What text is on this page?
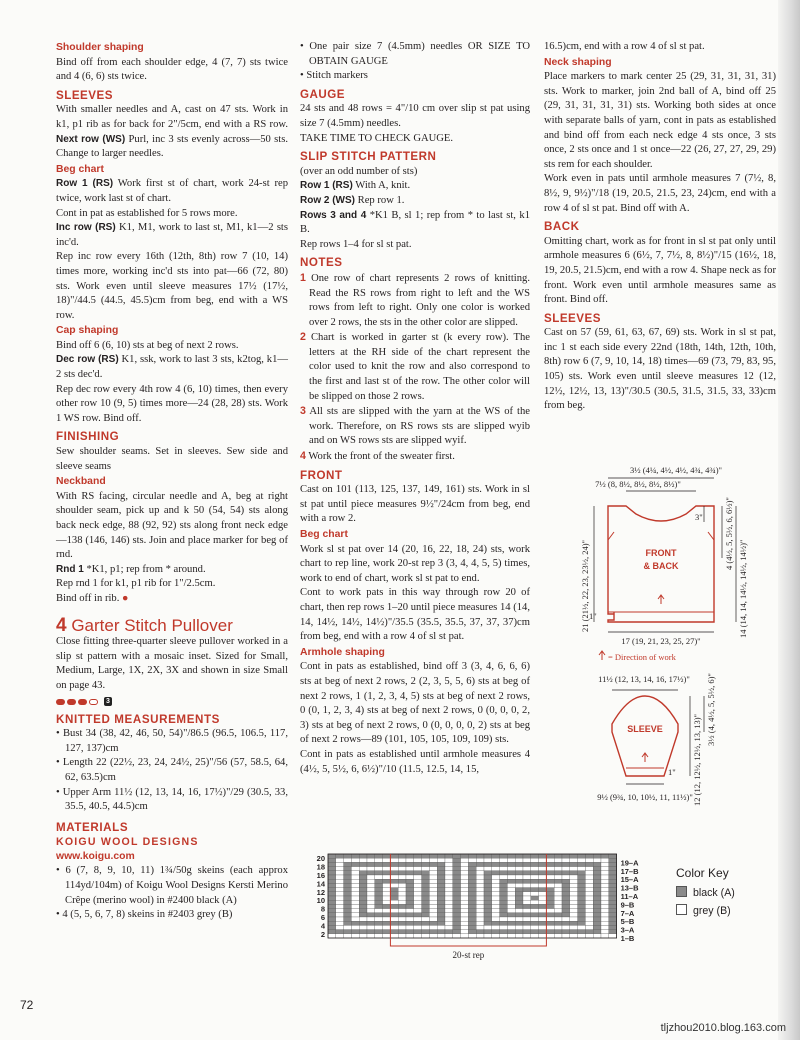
Shoulder shaping

Bind off from each shoulder edge, 4 (7, 7) sts twice and 4 (6, 6) sts twice.

SLEEVES

With smaller needles and A, cast on 47 sts. Work in k1, p1 rib as for back for 2"/5cm, end with a RS row. Next row (WS) Purl, inc 3 sts evenly across—50 sts. Change to larger needles.

Beg chart

Row 1 (RS) Work first st of chart, work 24-st rep twice, work last st of chart.

Cont in pat as established for 5 rows more.

Inc row (RS) K1, M1, work to last st, M1, k1—2 sts inc'd.

Rep inc row every 16th (12th, 8th) row 7 (10, 14) times more, working inc'd sts into pat—66 (72, 80) sts. Work even until sleeve measures 17½ (17½, 18)"/44.5 (44.5, 45.5)cm from beg, end with a WS row.

Cap shaping

Bind off 6 (6, 10) sts at beg of next 2 rows.

Dec row (RS) K1, ssk, work to last 3 sts, k2tog, k1—2 sts dec'd.

Rep dec row every 4th row 4 (6, 10) times, then every other row 10 (9, 5) times more—24 (28, 28) sts. Work 1 WS row. Bind off.

FINISHING

Sew shoulder seams. Set in sleeves. Sew side and sleeve seams

Neckband

With RS facing, circular needle and A, beg at right shoulder seam, pick up and k 50 (54, 54) sts along back neck edge, 88 (92, 92) sts along front neck edge—138 (146, 146) sts. Join and place marker for beg of rnd.

Rnd 1 *K1, p1; rep from * around.

Rep rnd 1 for k1, p1 rib for 1"/2.5cm.

Bind off in rib. ●

4 Garter Stitch Pullover

Close fitting three-quarter sleeve pullover worked in a slip st pattern with a mosaic inset. Sized for Small, Medium, Large, 1X, 2X, 3X and shown in size Small on page 43.

3
KNITTED MEASUREMENTS

• Bust 34 (38, 42, 46, 50, 54)"/86.5 (96.5, 106.5, 117, 127, 137)cm

• Length 22 (22½, 23, 24, 24½, 25)"/56 (57, 58.5, 64, 62, 63.5)cm

• Upper Arm 11½ (12, 13, 14, 16, 17½)"/29 (30.5, 33, 35.5, 40.5, 44.5)cm

MATERIALS
KOIGU WOOL DESIGNS
www.koigu.com

• 6 (7, 8, 9, 10, 11) 1¾/50g skeins (each approx 114yd/104m) of Koigu Wool Designs Kersti Merino Crêpe (merino wool) in #2400 black (A)

• 4 (5, 5, 6, 7, 8) skeins in #2403 grey (B)

• One pair size 7 (4.5mm) needles OR SIZE TO OBTAIN GAUGE

• Stitch markers

GAUGE

24 sts and 48 rows = 4"/10 cm over slip st pat using size 7 (4.5mm) needles.

TAKE TIME TO CHECK GAUGE.

SLIP STITCH PATTERN

(over an odd number of sts)

Row 1 (RS) With A, knit.

Row 2 (WS) Rep row 1.

Rows 3 and 4 *K1 B, sl 1; rep from * to last st, k1 B.

Rep rows 1–4 for sl st pat.

NOTES

1 One row of chart represents 2 rows of knitting. Read the RS rows from right to left and the WS rows from left to right. Only one color is worked over 2 rows, the sts in the other color are slipped.

2 Chart is worked in garter st (k every row). The letters at the RH side of the chart represent the color used to knit the row and also correspond to the first and last st of the row. The other color will be slipped on those 2 rows.

3 All sts are slipped with the yarn at the WS of the work. Therefore, on RS rows sts are slipped wyib and on WS rows sts are slipped wyif.

4 Work the front of the sweater first.

FRONT

Cast on 101 (113, 125, 137, 149, 161) sts. Work in sl st pat until piece measures 9½"/24cm from beg, end with a row 2.

Beg chart

Work sl st pat over 14 (20, 16, 22, 18, 24) sts, work chart to rep line, work 20-st rep 3 (3, 4, 4, 5, 5) times, work to end of chart, work sl st pat to end.

Cont to work pats in this way through row 20 of chart, then rep rows 1–20 until piece measures 14 (14, 14, 14½, 14½, 14½)"/35.5 (35.5, 35.5, 37, 37, 37)cm from beg, end with a row 4 of sl st pat.

Armhole shaping

Cont in pats as established, bind off 3 (3, 4, 6, 6, 6) sts at beg of next 2 rows, 2 (2, 3, 5, 5, 6) sts at beg of next 2 rows, 1 (1, 2, 3, 4, 5) sts at beg of next 2 rows, 0 (0, 1, 2, 3, 4) sts at beg of next 2 rows, 0 (0, 0, 0, 2, 3) sts at beg of next 2 rows, 0 (0, 0, 0, 0, 2) sts at beg of next 2 rows—89 (101, 105, 105, 109, 109) sts.

Cont in pats as established until armhole measures 4 (4½, 5, 5½, 6, 6½)"/10 (11.5, 12.5, 14, 15,

16.5)cm, end with a row 4 of sl st pat.

Neck shaping

Place markers to mark center 25 (29, 31, 31, 31, 31) sts. Work to marker, join 2nd ball of A, bind off 25 (29, 31, 31, 31, 31) sts. Working both sides at once with separate balls of yarn, cont in pats as established and bind off from each neck edge 4 sts once, 3 sts once, 2 sts once and 1 st once—22 (26, 27, 27, 29, 29) sts rem for each shoulder.

Work even in pats until armhole measures 7 (7½, 8, 8½, 9, 9½)"/18 (19, 20.5, 21.5, 23, 24)cm, end with a row 4 of sl st pat. Bind off with A.

BACK

Omitting chart, work as for front in sl st pat only until armhole measures 6 (6½, 7, 7½, 8, 8½)"/15 (16½, 18, 19, 20.5, 21.5)cm, end with a row 4. Shape neck as for front. Work even until armhole measures same as front. Bind off.

SLEEVES

Cast on 57 (59, 61, 63, 67, 69) sts. Work in sl st pat, inc 1 st each side every 22nd (18th, 14th, 12th, 10th, 8th) row 6 (7, 9, 10, 14, 18) times—69 (73, 79, 83, 95, 105) sts. Work even until sleeve measures 12 (12, 12½, 12½, 13, 13)"/30.5 (30.5, 31.5, 31.5, 33, 33)cm from beg.

3½ (4¼, 4½, 4½, 4¾, 4¾)"
7½ (8, 8½, 8½, 8½, 8½)"
3"
21 (21½, 22, 23, 23½, 24)"
4 (4½, 5, 5½, 6, 6½)"
14 (14, 14, 14½, 14½, 14½)"
1"
FRONT
& BACK
17 (19, 21, 23, 25, 27)"
= Direction of work
11½ (12, 13, 14, 16, 17½)"
SLEEVE	3½ (4, 4½, 5, 5½, 6)"
12 (12, 12½, 12½, 13, 13)"
1"
9½ (9¾, 10, 10½, 11, 11½)"
20
18
16
14
12
10
8
6
4
2
19–A
17–B
15–A
13–B
11–A
9–B
7–A
5–B
3–A
1–B
20-st rep
Color Key
black (A)
grey (B)
72
tljzhou2010.blog.163.com
